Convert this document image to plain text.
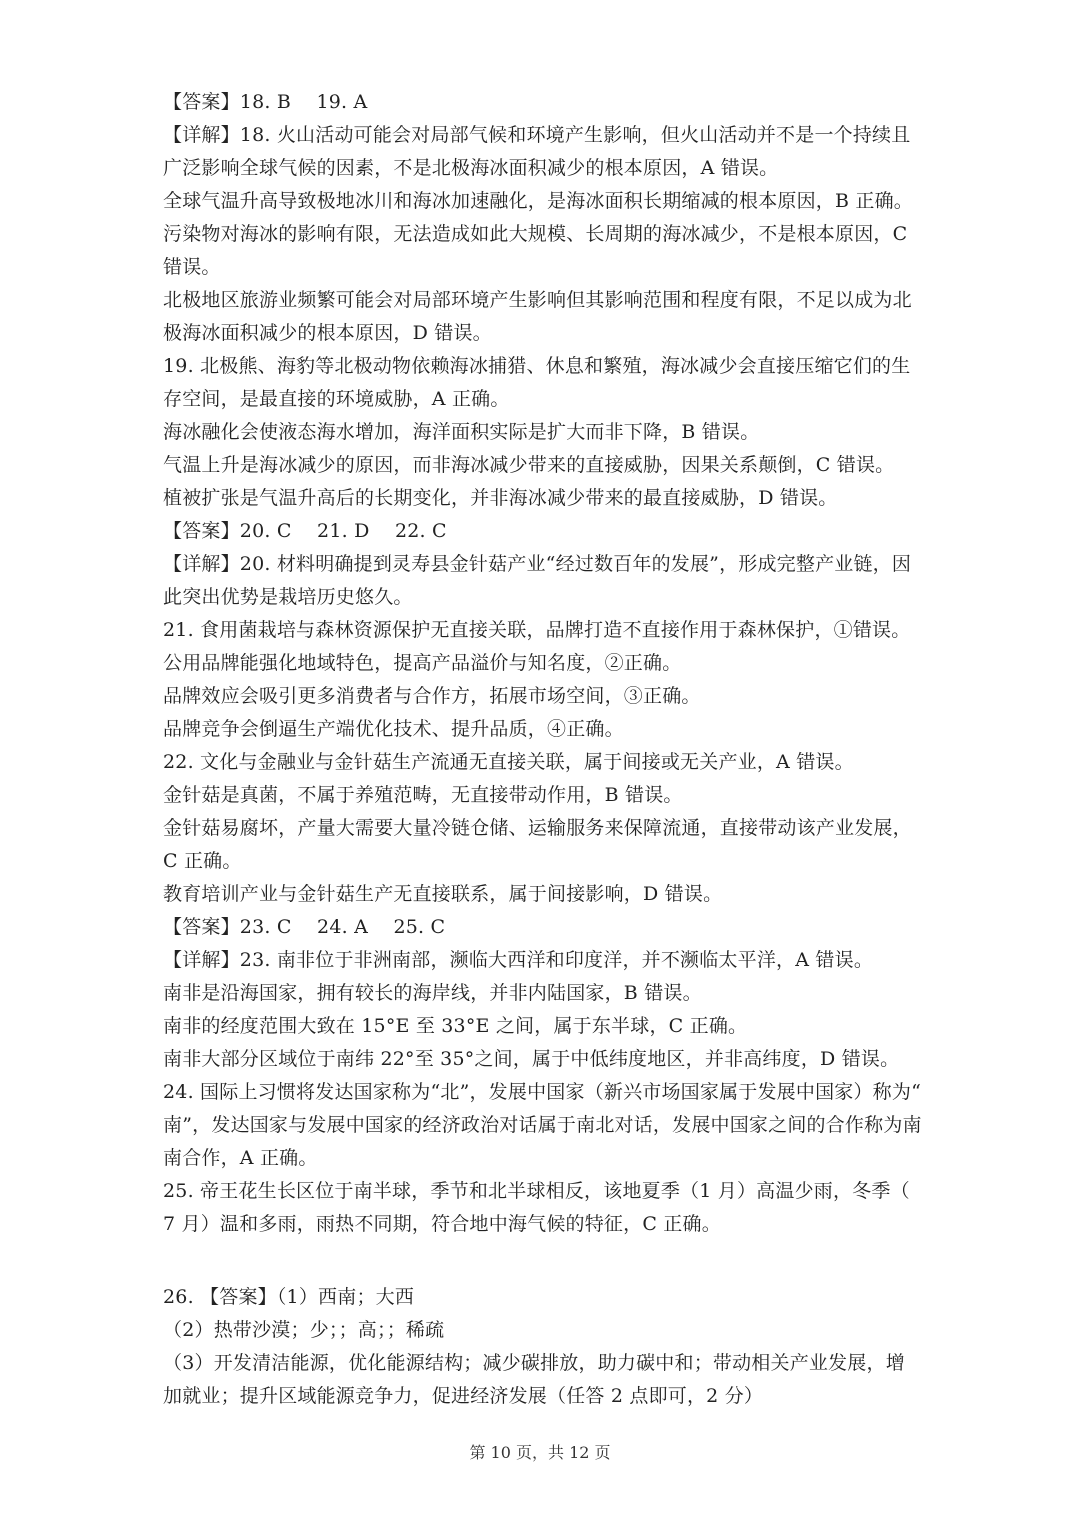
【答案】18. B　 19. A
【详解】18. 火山活动可能会对局部气候和环境产生影响，但火山活动并不是一个持续且
广泛影响全球气候的因素，不是北极海冰面积减少的根本原因，A 错误。
全球气温升高导致极地冰川和海冰加速融化，是海冰面积长期缩减的根本原因，B 正确。
污染物对海冰的影响有限，无法造成如此大规模、长周期的海冰减少，不是根本原因，C
错误。
北极地区旅游业频繁可能会对局部环境产生影响但其影响范围和程度有限，不足以成为北
极海冰面积减少的根本原因，D 错误。
19. 北极熊、海豹等北极动物依赖海冰捕猎、休息和繁殖，海冰减少会直接压缩它们的生
存空间，是最直接的环境威胁，A 正确。
海冰融化会使液态海水增加，海洋面积实际是扩大而非下降，B 错误。
气温上升是海冰减少的原因，而非海冰减少带来的直接威胁，因果关系颠倒，C 错误。
植被扩张是气温升高后的长期变化，并非海冰减少带来的最直接威胁，D 错误。
【答案】20. C　 21. D　 22. C
【详解】20. 材料明确提到灵寿县金针菇产业“经过数百年的发展”，形成完整产业链，因
此突出优势是栽培历史悠久。
21. 食用菌栽培与森林资源保护无直接关联，品牌打造不直接作用于森林保护，①错误。
公用品牌能强化地域特色，提高产品溢价与知名度，②正确。
品牌效应会吸引更多消费者与合作方，拓展市场空间，③正确。
品牌竞争会倒逼生产端优化技术、提升品质，④正确。
22. 文化与金融业与金针菇生产流通无直接关联，属于间接或无关产业，A 错误。
金针菇是真菌，不属于养殖范畴，无直接带动作用，B 错误。
金针菇易腐坏，产量大需要大量冷链仓储、运输服务来保障流通，直接带动该产业发展，
C 正确。
教育培训产业与金针菇生产无直接联系，属于间接影响，D 错误。
【答案】23. C　 24. A　 25. C
【详解】23. 南非位于非洲南部，濒临大西洋和印度洋，并不濒临太平洋，A 错误。
南非是沿海国家，拥有较长的海岸线，并非内陆国家，B 错误。
南非的经度范围大致在 15°E 至 33°E 之间，属于东半球，C 正确。
南非大部分区域位于南纬 22°至 35°之间，属于中低纬度地区，并非高纬度，D 错误。
24. 国际上习惯将发达国家称为“北”，发展中国家（新兴市场国家属于发展中国家）称为“
南”，发达国家与发展中国家的经济政治对话属于南北对话，发展中国家之间的合作称为南
南合作，A 正确。
25. 帝王花生长区位于南半球，季节和北半球相反，该地夏季（1 月）高温少雨，冬季（
7 月）温和多雨，雨热不同期，符合地中海气候的特征，C 正确。
26. 【答案】（1）西南；大西
（2）热带沙漠；少；；高；；稀疏
（3）开发清洁能源，优化能源结构；减少碳排放，助力碳中和；带动相关产业发展，增
加就业；提升区域能源竞争力，促进经济发展（任答 2 点即可，2 分）
第 10 页，共 12 页
